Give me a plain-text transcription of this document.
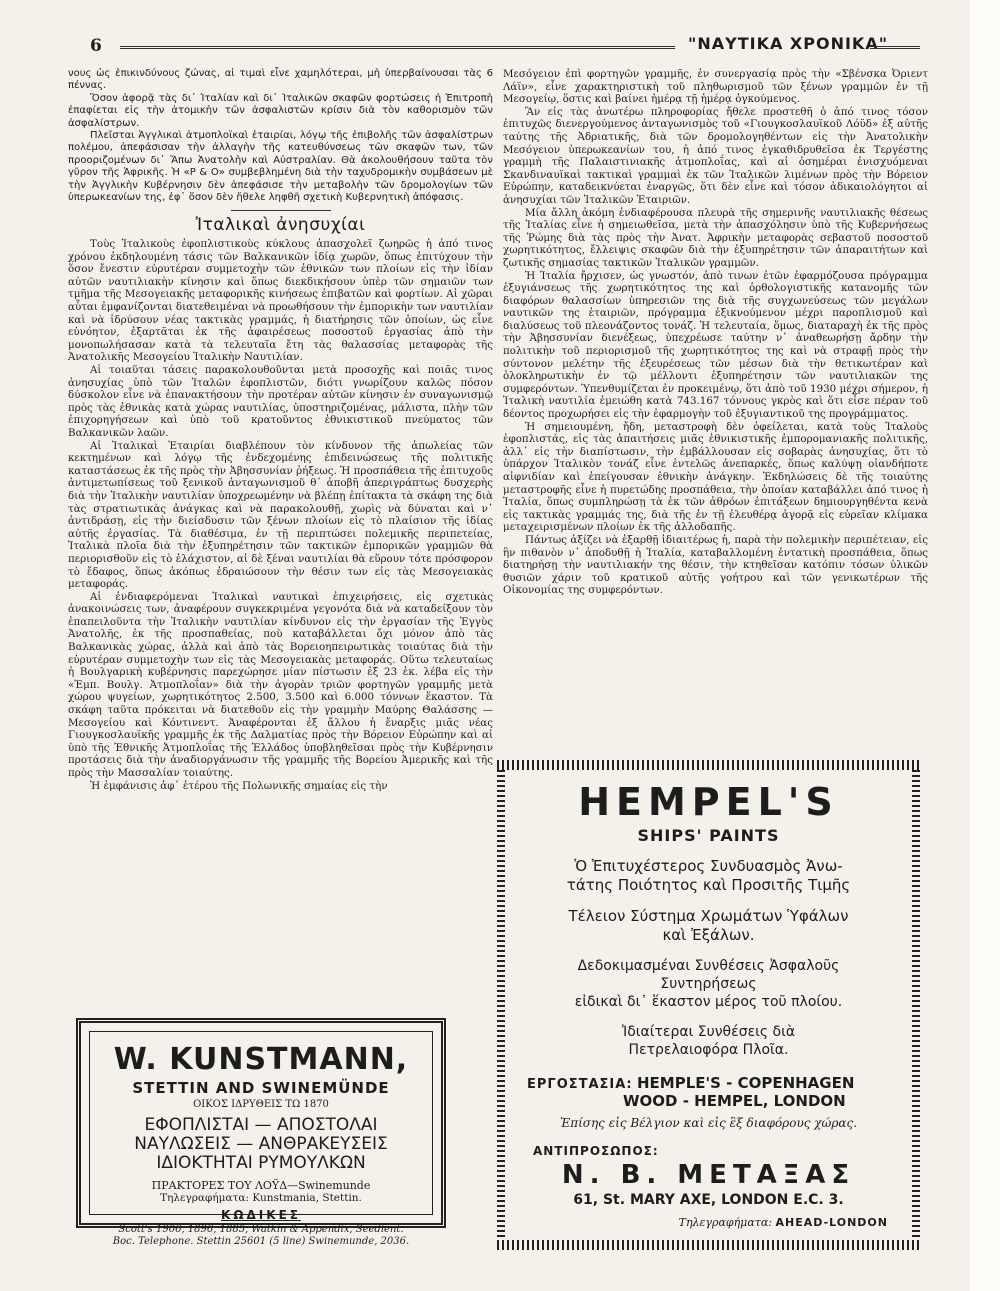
6	"ΝΑΥΤΙΚΑ ΧΡΟΝΙΚΑ"

νους ὡς ἐπικινδύνους ζώνας, αἱ τιμαὶ εἶνε χαμηλότεραι, μὴ ὑπερβαίνουσαι τὰς 6 πέννας.

Ὅσον ἀφορᾷ τὰς δι᾽ Ἰταλίαν καὶ δι᾽ Ἰταλικῶν σκαφῶν φορτώσεις ἡ Ἐπιτροπὴ ἐπαφίεται εἰς τὴν ἀτομικὴν τῶν ἀσφαλιστῶν κρίσιν διὰ τὸν καθορισμὸν τῶν ἀσφαλίστρων.

Πλεῖσται Ἀγγλικαὶ ἀτμοπλοϊκαὶ ἑταιρίαι, λόγῳ τῆς ἐπιβολῆς τῶν ἀσφαλίστρων πολέμου, ἀπεφάσισαν τὴν ἀλλαγὴν τῆς κατευθύνσεως τῶν σκαφῶν των, τῶν προοριζομένων δι᾽ Ἄπω Ἀνατολὴν καὶ Αὐστραλίαν. Θὰ ἀκολουθήσουν ταῦτα τὸν γῦρον τῆς Ἀφρικῆς. Ἡ «P & O» συμβεβλημένη διὰ τὴν ταχυδρομικὴν συμβάσεων μὲ τὴν Ἀγγλικὴν Κυβέρνησιν δὲν ἀπεφάσισε τὴν μεταβολὴν τῶν δρομολογίων τῶν ὑπερωκεανίων της, ἐφ᾽ ὅσον δὲν ἤθελε ληφθῆ σχετικὴ Κυβερνητικὴ ἀπόφασις.

Ἰταλικαὶ ἀνησυχίαι

Τοὺς Ἰταλικοὺς ἐφοπλιστικοὺς κύκλους ἀπασχολεῖ ζωηρῶς ἡ ἀπό τινος χρόνου ἐκδηλουμένη τάσις τῶν Βαλκανικῶν ἰδίᾳ χωρῶν, ὅπως ἐπιτύχουν τὴν ὅσον ἔνεστιν εὐρυτέραν συμμετοχὴν τῶν ἐθνικῶν των πλοίων εἰς τὴν ἰδίαν αὐτῶν ναυτιλιακὴν κίνησιν καὶ ὅπως διεκδικήσουν ὑπὲρ τῶν σημαιῶν των τμῆμα τῆς Μεσογειακῆς μεταφορικῆς κινήσεως ἐπιβατῶν καὶ φορτίων. Αἱ χῶραι αὗται ἐμφανίζονται διατεθειμέναι νὰ προωθήσουν τὴν ἐμπορικὴν των ναυτιλίαν καὶ νὰ ἱδρύσουν νέας τακτικὰς γραμμάς, ἡ διατήρησις τῶν ὁποίων, ὡς εἶνε εὐνόητον, ἐξαρτᾶται ἐκ τῆς ἀφαιρέσεως ποσοστοῦ ἐργασίας ἀπὸ τὴν μονοπωλήσασαν κατὰ τὰ τελευταῖα ἔτη τὰς θαλασσίας μεταφορὰς τῆς Ἀνατολικῆς Μεσογείου Ἰταλικὴν Ναυτιλίαν.

Αἱ τοιαῦται τάσεις παρακολουθοῦνται μετὰ προσοχῆς καὶ ποιᾶς τινος ἀνησυχίας ὑπὸ τῶν Ἰταλῶν ἐφοπλιστῶν, διότι γνωρίζουν καλῶς πόσον δύσκολον εἶνε νὰ ἐπανακτήσουν τὴν προτέραν αὐτῶν κίνησιν ἐν συναγωνισμῷ πρὸς τὰς ἐθνικὰς κατὰ χώρας ναυτιλίας, ὑποστηριζομένας, μάλιστα, πλὴν τῶν ἐπιχορηγήσεων καὶ ὑπὸ τοῦ κρατοῦντος ἐθνικιστικοῦ πνεύματος τῶν Βαλκανικῶν λαῶν.

Αἱ Ἰταλικαὶ Ἑταιρίαι διαβλέπουν τὸν κίνδυνον τῆς ἀπωλείας τῶν κεκτημένων καὶ λόγῳ τῆς ἐνδεχομένης ἐπιδεινώσεως τῆς πολιτικῆς καταστάσεως ἐκ τῆς πρὸς τὴν Ἀβησσυνίαν ῥήξεως. Ἡ προσπάθεια τῆς ἐπιτυχοῦς ἀντιμετωπίσεως τοῦ ξενικοῦ ἀνταγωνισμοῦ θ᾽ ἀποβῆ ἀπεριγράπτως δυσχερὴς διὰ τὴν Ἰταλικὴν ναυτιλίαν ὑποχρεωμένην νὰ βλέπῃ ἐπίτακτα τὰ σκάφη της διὰ τὰς στρατιωτικὰς ἀνάγκας καὶ νὰ παρακολουθῇ, χωρὶς νὰ δύναται καὶ ν᾽ ἀντιδράσῃ, εἰς τὴν διείσδυσιν τῶν ξένων πλοίων εἰς τὸ πλαίσιον τῆς ἰδίας αὐτῆς ἐργασίας. Τὰ διαθέσιμα, ἐν τῇ περιπτώσει πολεμικῆς περιπετείας, Ἰταλικὰ πλοῖα διὰ τὴν ἐξυπηρέτησιν τῶν τακτικῶν ἐμπορικῶν γραμμῶν θὰ περιορισθοῦν εἰς τὸ ἐλάχιστον, αἱ δὲ ξέναι ναυτιλίαι θὰ εὕρουν τότε πρόσφορον τὸ ἔδαφος, ὅπως ἀκόπως ἑδραιώσουν τὴν θέσιν των εἰς τὰς Μεσογειακὰς μεταφοράς.

Αἱ ἐνδιαφερόμεναι Ἰταλικαὶ ναυτικαὶ ἐπιχειρήσεις, εἰς σχετικὰς ἀνακοινώσεις των, ἀναφέρουν συγκεκριμένα γεγονότα διὰ νὰ καταδείξουν τὸν ἐπαπειλοῦντα τὴν Ἰταλικὴν ναυτιλίαν κίνδυνον εἰς τὴν ἐργασίαν τῆς Ἐγγὺς Ἀνατολῆς, ἐκ τῆς προσπαθείας, ποὺ καταβάλλεται ὄχι μόνον ἀπὸ τὰς Βαλκανικὰς χώρας, ἀλλὰ καὶ ἀπὸ τὰς Βορειοηπειρωτικὰς τοιαύτας διὰ τὴν εὐρυτέραν συμμετοχὴν των εἰς τὰς Μεσογειακὰς μεταφοράς. Οὕτω τελευταίως ἡ Βουλγαρικὴ κυβέρνησις παρεχώρησε μίαν πίστωσιν ἐξ 23 ἑκ. λέβα εἰς τὴν «Ἐμπ. Βουλγ. Ἀτμοπλοΐαν» διὰ τὴν ἀγορὰν τριῶν φορτηγῶν γραμμῆς μετὰ χώρου ψυγείων, χωρητικότητος 2.500, 3.500 καὶ 6.000 τόννων ἕκαστον. Τὰ σκάφη ταῦτα πρόκειται νὰ διατεθοῦν εἰς τὴν γραμμὴν Μαύρης Θαλάσσης — Μεσογείου καὶ Κόντινεντ. Ἀναφέρονται ἐξ ἄλλου ἡ ἔναρξις μιᾶς νέας Γιουγκοσλαυϊκῆς γραμμῆς ἐκ τῆς Δαλματίας πρὸς τὴν Βόρειον Εὐρώπην καὶ αἱ ὑπὸ τῆς Ἐθνικῆς Ἀτμοπλοΐας τῆς Ἑλλάδος ὑποβληθεῖσαι πρὸς τὴν Κυβέρνησιν προτάσεις διὰ τὴν ἀναδιοργάνωσιν τῆς γραμμῆς τῆς Βορείου Ἀμερικῆς καὶ τῆς πρὸς τὴν Μασσαλίαν τοιαύτης.

Ἡ ἐμφάνισις ἀφ᾽ ἑτέρου τῆς Πολωνικῆς σημαίας εἰς τὴν

Μεσόγειον ἐπὶ φορτηγῶν γραμμῆς, ἐν συνεργασίᾳ πρὸς τὴν «Σβένσκα Ὀριεντ Λάϊν», εἶνε χαρακτηριστικὴ τοῦ πληθωρισμοῦ τῶν ξένων γραμμῶν ἐν τῇ Μεσογείῳ, ὅστις καὶ βαίνει ἡμέρᾳ τῇ ἡμέρᾳ ὀγκούμενος.

Ἂν εἰς τὰς ἀνωτέρω πληροφορίας ἤθελε προστεθῆ ὁ ἀπό τινος τόσον ἐπιτυχῶς διενεργούμενος ἀνταγωνισμὸς τοῦ «Γιουγκοσλαυϊκοῦ Λόϋδ» ἐξ αὐτῆς ταύτης τῆς Ἀδριατικῆς, διὰ τῶν δρομολογηθέντων εἰς τὴν Ἀνατολικὴν Μεσόγειον ὑπερωκεανίων του, ἡ ἀπό τινος ἐγκαθιδρυθεῖσα ἐκ Τεργέστης γραμμὴ τῆς Παλαιστινιακῆς ἀτμοπλοΐας, καὶ αἱ ὁσημέραι ἐνισχυόμεναι Σκανδιναυϊκαὶ τακτικαὶ γραμμαὶ ἐκ τῶν Ἰταλικῶν λιμένων πρὸς τὴν Βόρειον Εὐρώπην, καταδεικνύεται ἐναργῶς, ὅτι δὲν εἶνε καὶ τόσον ἀδικαιολόγητοι αἱ ἀνησυχίαι τῶν Ἰταλικῶν Ἑταιριῶν.

Μία ἄλλη ἀκόμη ἐνδιαφέρουσα πλευρὰ τῆς σημερινῆς ναυτιλιακῆς θέσεως τῆς Ἰταλίας εἶνε ἡ σημειωθεῖσα, μετὰ τὴν ἀπασχόλησιν ὑπὸ τῆς Κυβερνήσεως τῆς Ῥώμης διὰ τὰς πρὸς τὴν Ἀνατ. Ἀφρικὴν μεταφορὰς σεβαστοῦ ποσοστοῦ χωρητικότητος, ἔλλειψις σκαφῶν διὰ τὴν ἐξυπηρέτησιν τῶν ἀπαραιτήτων καὶ ζωτικῆς σημασίας τακτικῶν Ἰταλικῶν γραμμῶν.

Ἡ Ἰταλία ἤρχισεν, ὡς γνωστόν, ἀπὸ τινων ἐτῶν ἐφαρμόζουσα πρόγραμμα ἐξυγιάνσεως τῆς χωρητικότητος της καὶ ὀρθολογιστικῆς κατανομῆς τῶν διαφόρων θαλασσίων ὑπηρεσιῶν της διὰ τῆς συγχωνεύσεως τῶν μεγάλων ναυτικῶν της ἑταιριῶν, πρόγραμμα ἐξικνούμενον μέχρι παροπλισμοῦ καὶ διαλύσεως τοῦ πλεονάζοντος τονάζ. Ἡ τελευταία, ὅμως, διαταραχὴ ἐκ τῆς πρὸς τὴν Ἀβησσυνίαν διενέξεως, ὑπεχρέωσε ταύτην ν᾽ ἀναθεωρήσῃ ἄρδην τὴν πολιτικὴν τοῦ περιορισμοῦ τῆς χωρητικότητος της καὶ νὰ στραφῇ πρὸς τὴν σύντονον μελέτην τῆς ἐξευρέσεως τῶν μέσων διὰ τὴν θετικωτέραν καὶ ὁλοκληρωτικὴν ἐν τῷ μέλλοντι ἐξυπηρέτησιν τῶν ναυτιλιακῶν της συμφερόντων. Ὑπενθυμίζεται ἐν προκειμένῳ, ὅτι ἀπὸ τοῦ 1930 μέχρι σήμερον, ἡ Ἰταλικὴ ναυτιλία ἐμειώθη κατὰ 743.167 τόννους γκρὸς καὶ ὅτι εἶσε πέραν τοῦ δέοντος προχωρήσει εἰς τὴν ἐφαρμογὴν τοῦ ἐξυγιαντικοῦ της προγράμματος.

Ἡ σημειουμένη, ἤδη, μεταστροφὴ δὲν ὀφείλεται, κατὰ τοὺς Ἰταλοὺς ἐφοπλιστάς, εἰς τὰς ἀπαιτήσεις μιᾶς ἐθνικιστικῆς ἐμπορομανιακῆς πολιτικῆς, ἀλλ᾽ εἰς τὴν διαπίστωσιν, τὴν ἐμβάλλουσαν εἰς σοβαρὰς ἀνησυχίας, ὅτι τὸ ὑπάρχον Ἰταλικὸν τονάζ εἶνε ἐντελῶς ἀνεπαρκές, ὅπως καλύψῃ οἱανδήποτε αἰφνιδίαν καὶ ἐπείγουσαν ἐθνικὴν ἀνάγκην. Ἐκδηλώσεις δὲ τῆς τοιαύτης μεταστροφῆς εἶνε ἡ πυρετώδης προσπάθεια, τὴν ὁποίαν καταβάλλει ἀπό τινος ἡ Ἰταλία, ὅπως συμπληρώσῃ τὰ ἐκ τῶν ἀθρόων ἐπιτάξεων δημιουργηθέντα κενὰ εἰς τακτικὰς γραμμάς της, διὰ τῆς ἐν τῇ ἐλευθέρᾳ ἀγορᾷ εἰς εὐρεῖαν κλίμακα μεταχειρισμένων πλοίων ἐκ τῆς ἀλλοδαπῆς.

Πάντως ἀξίζει νὰ ἐξαρθῇ ἰδιαιτέρως ἡ, παρὰ τὴν πολεμικὴν περιπέτειαν, εἰς ἣν πιθανὸν ν᾽ ἀποδυθῇ ἡ Ἰταλία, καταβαλλομένη ἐντατικὴ προσπάθεια, ὅπως διατηρήσῃ τὴν ναυτιλιακήν της θέσιν, τὴν κτηθεῖσαν κατόπιν τόσων ὑλικῶν θυσιῶν χάριν τοῦ κρατικοῦ αὐτῆς γοήτρου καὶ τῶν γενικωτέρων τῆς Οἰκονομίας της συμφερόντων.

W. KUNSTMANN,
STETTIN AND SWINEMÜNDE
ΟΙΚΟΣ ΙΔΡΥΘΕΙΣ ΤΩ 1870
ΕΦΟΠΛΙΣΤΑΙ — ΑΠΟΣΤΟΛΑΙ
ΝΑΥΛΩΣΕΙΣ — ΑΝΘΡΑΚΕΥΣΕΙΣ
ΙΔΙΟΚΤΗΤΑΙ ΡΥΜΟΥΛΚΩΝ
ΠΡΑΚΤΟΡΕΣ ΤΟΥ ΛΟΫΔ—Swinemunde
Τηλεγραφήματα: Kunstmania, Stettin.
ΚΩΔΙΚΕΣ
Scott's 1906, 1896, 1885, Watkin & Appendix, Seedient.
Boc. Telephone. Stettin 25601 (5 line) Swinemunde, 2036.
HEMPEL'S
SHIPS' PAINTS
Ὁ Ἐπιτυχέστερος Συνδυασμὸς Ἀνω-
τάτης Ποιότητος καὶ Προσιτῆς Τιμῆς
Τέλειον Σύστημα Χρωμάτων Ὑφάλων
καὶ Ἐξάλων.
Δεδοκιμασμέναι Συνθέσεις Ἀσφαλοῦς
Συντηρήσεως
εἰδικαὶ δι᾽ ἕκαστον μέρος τοῦ πλοίου.
Ἰδιαίτεραι Συνθέσεις διὰ
Πετρελαιοφόρα Πλοῖα.
ΕΡΓΟΣΤΑΣΙΑ: HEMPLE'S - COPENHAGEN
WOOD - HEMPEL, LONDON
Ἐπίσης εἰς Βέλγιον καὶ εἰς ἓξ διαφόρους χώρας.
ΑΝΤΙΠΡΟΣΩΠΟΣ:
N. B. ΜΕΤΑΞΑΣ
61, St. MARY AXE, LONDON E.C. 3.
Τηλεγραφήματα: AHEAD-LONDON
